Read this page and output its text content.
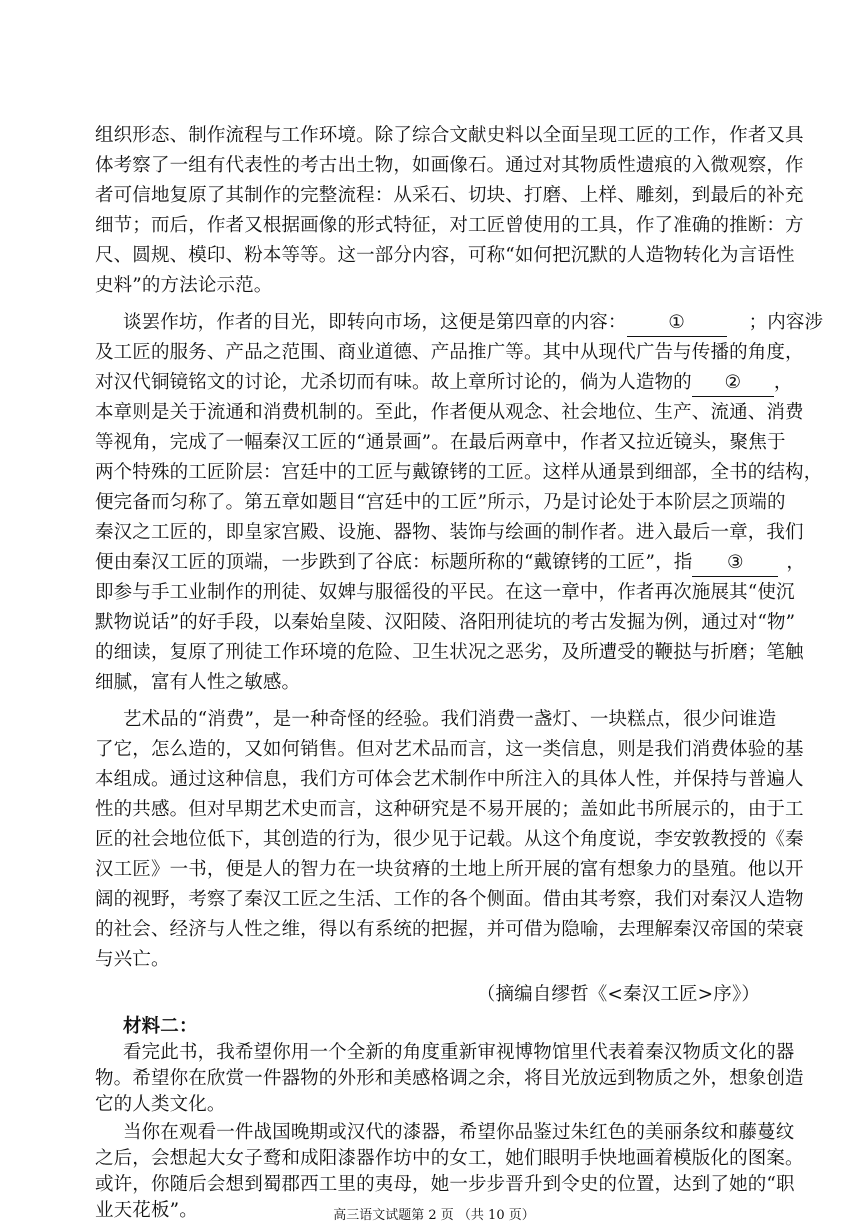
组织形态、制作流程与工作环境。除了综合文献史料以全面呈现工匠的工作，作者又具
体考察了一组有代表性的考古出土物，如画像石。通过对其物质性遗痕的入微观察，作
者可信地复原了其制作的完整流程：从采石、切块、打磨、上样、雕刻，到最后的补充
细节；而后，作者又根据画像的形式特征，对工匠曾使用的工具，作了准确的推断：方
尺、圆规、模印、粉本等等。这一部分内容，可称“如何把沉默的人造物转化为言语性
史料”的方法论示范。
谈罢作坊，作者的目光，即转向市场，这便是第四章的内容： ①	；内容涉
及工匠的服务、产品之范围、商业道德、产品推广等。其中从现代广告与传播的角度，
对汉代铜镜铭文的讨论，尤杀切而有味。故上章所讨论的，倘为人造物的 ② ，
本章则是关于流通和消费机制的。至此，作者便从观念、社会地位、生产、流通、消费
等视角，完成了一幅秦汉工匠的“通景画”。在最后两章中，作者又拉近镜头，聚焦于
两个特殊的工匠阶层：宫廷中的工匠与戴镣铐的工匠。这样从通景到细部，全书的结构，
便完备而匀称了。第五章如题目“宫廷中的工匠”所示，乃是讨论处于本阶层之顶端的
秦汉之工匠的，即皇家宫殿、设施、器物、装饰与绘画的制作者。进入最后一章，我们
便由秦汉工匠的顶端，一步跌到了谷底：标题所称的“戴镣铐的工匠”，指 ③ ，
即参与手工业制作的刑徒、奴婢与服徭役的平民。在这一章中，作者再次施展其“使沉
默物说话”的好手段，以秦始皇陵、汉阳陵、洛阳刑徒坑的考古发掘为例，通过对“物”
的细读，复原了刑徒工作环境的危险、卫生状况之恶劣，及所遭受的鞭挞与折磨；笔触
细腻，富有人性之敏感。
艺术品的“消费”，是一种奇怪的经验。我们消费一盏灯、一块糕点，很少问谁造
了它，怎么造的，又如何销售。但对艺术品而言，这一类信息，则是我们消费体验的基
本组成。通过这种信息，我们方可体会艺术制作中所注入的具体人性，并保持与普遍人
性的共感。但对早期艺术史而言，这种研究是不易开展的；盖如此书所展示的，由于工
匠的社会地位低下，其创造的行为，很少见于记载。从这个角度说，李安敦教授的《秦
汉工匠》一书，便是人的智力在一块贫瘠的土地上所开展的富有想象力的垦殖。他以开
阔的视野，考察了秦汉工匠之生活、工作的各个侧面。借由其考察，我们对秦汉人造物
的社会、经济与人性之维，得以有系统的把握，并可借为隐喻，去理解秦汉帝国的荣衰
与兴亡。
（摘编自缪哲《<秦汉工匠>序》）
材料二：
看完此书，我希望你用一个全新的角度重新审视博物馆里代表着秦汉物质文化的器
物。希望你在欣赏一件器物的外形和美感格调之余，将目光放远到物质之外，想象创造
它的人类文化。
当你在观看一件战国晚期或汉代的漆器，希望你品鉴过朱红色的美丽条纹和藤蔓纹
之后，会想起大女子鹜和成阳漆器作坊中的女工，她们眼明手快地画着模版化的图案。
或许，你随后会想到蜀郡西工里的夷母，她一步步晋升到令史的位置，达到了她的“职
业天花板”。	高三语文试题第 2 页 （共 10 页）
